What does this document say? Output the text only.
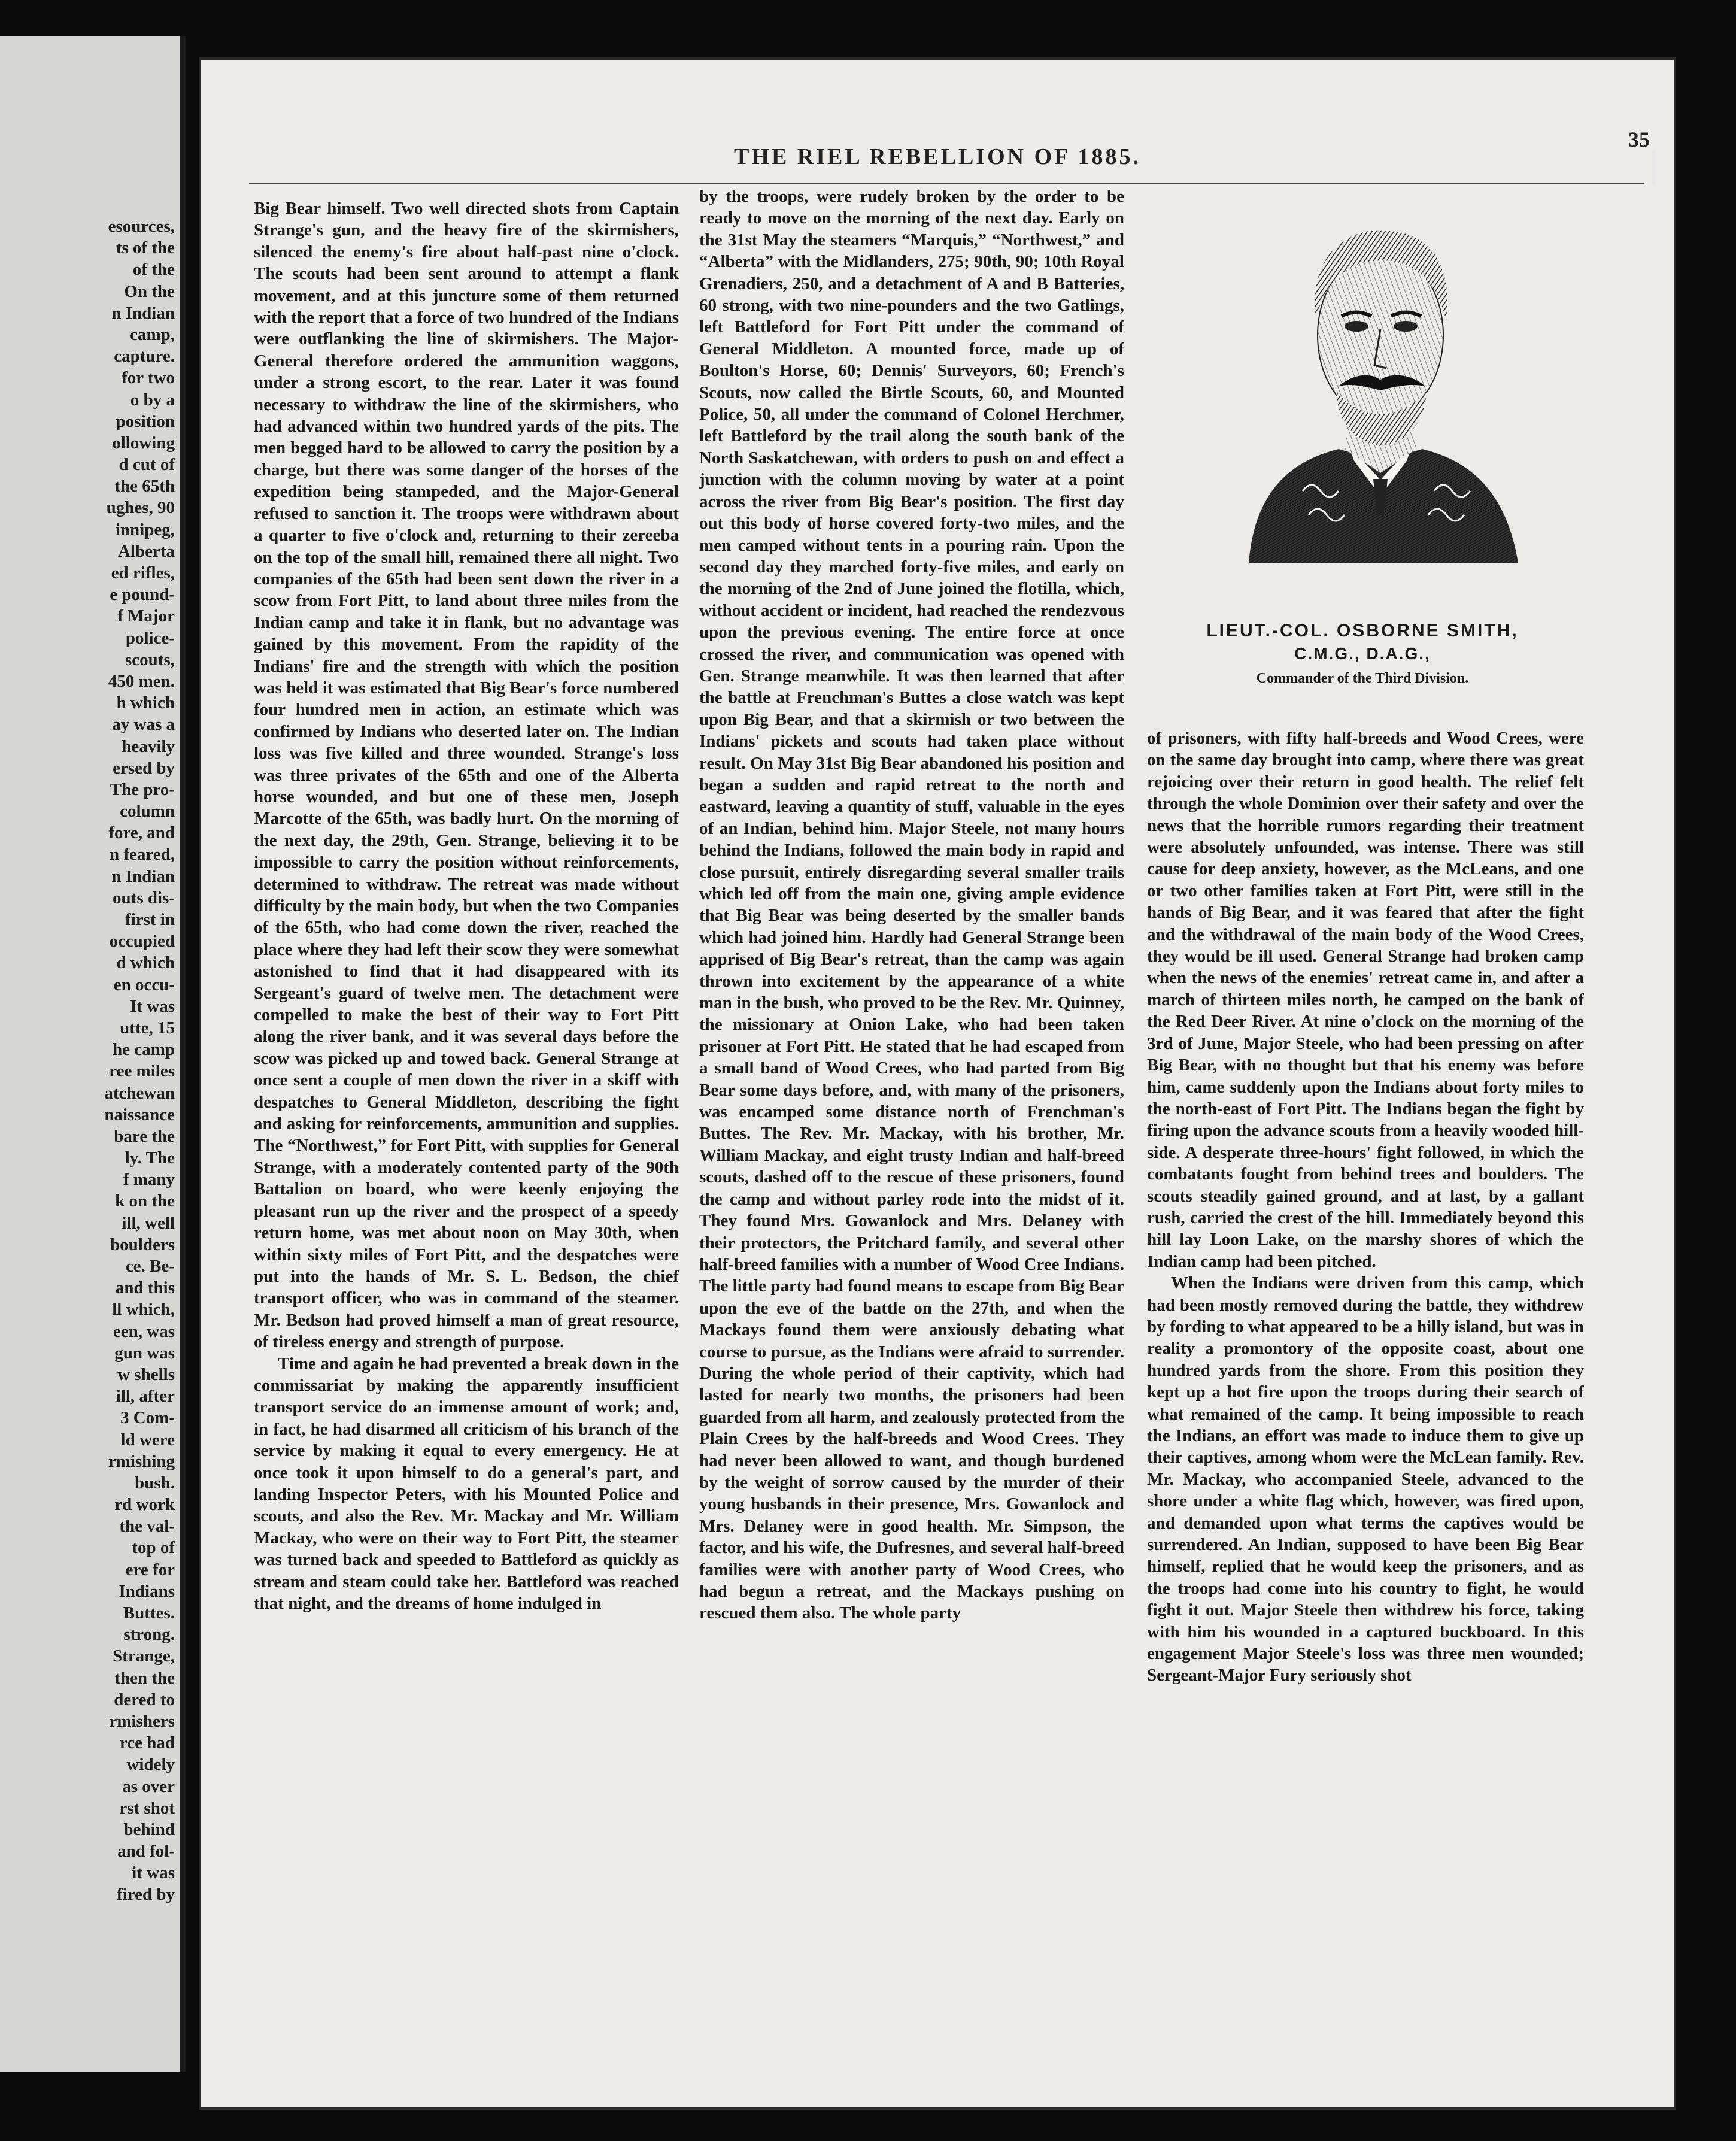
esources,
ts of the
of the
On the
n Indian
camp,
capture.
for two
o by a
position
ollowing
d cut of
the 65th
ughes, 90
innipeg,
Alberta
ed rifles,
e pound-
f Major
police-
scouts,
450 men.
h which
ay was a
heavily
ersed by
The pro-
column
fore, and
n feared,
n Indian
outs dis-
first in
occupied
d which
en occu-
It was
utte, 15
he camp
ree miles
atchewan
naissance
bare the
ly. The
f many
k on the
ill, well
boulders
ce. Be-
and this
ll which,
een, was
gun was
w shells
ill, after
3 Com-
ld were
rmishing
bush.
rd work
the val-
top of
ere for
Indians
Buttes.
strong.
Strange,
then the
dered to
rmishers
rce had
widely
as over
rst shot
behind
and fol-
it was
fired by
THE RIEL REBELLION OF 1885.
35

Big Bear himself. Two well directed shots from Captain Strange's gun, and the heavy fire of the skirmishers, silenced the enemy's fire about half-past nine o'clock. The scouts had been sent around to attempt a flank movement, and at this juncture some of them returned with the report that a force of two hundred of the Indians were outflanking the line of skirmishers. The Major-General therefore ordered the ammunition waggons, under a strong escort, to the rear. Later it was found necessary to withdraw the line of the skirmishers, who had advanced within two hundred yards of the pits. The men begged hard to be allowed to carry the position by a charge, but there was some danger of the horses of the expedition being stampeded, and the Major-General refused to sanction it. The troops were withdrawn about a quarter to five o'clock and, returning to their zereeba on the top of the small hill, remained there all night. Two companies of the 65th had been sent down the river in a scow from Fort Pitt, to land about three miles from the Indian camp and take it in flank, but no advantage was gained by this movement. From the rapidity of the Indians' fire and the strength with which the position was held it was estimated that Big Bear's force numbered four hundred men in action, an estimate which was confirmed by Indians who deserted later on. The Indian loss was five killed and three wounded. Strange's loss was three privates of the 65th and one of the Alberta horse wounded, and but one of these men, Joseph Marcotte of the 65th, was badly hurt. On the morning of the next day, the 29th, Gen. Strange, believing it to be impossible to carry the position without reinforcements, determined to withdraw. The retreat was made without difficulty by the main body, but when the two Companies of the 65th, who had come down the river, reached the place where they had left their scow they were somewhat astonished to find that it had disappeared with its Sergeant's guard of twelve men. The detachment were compelled to make the best of their way to Fort Pitt along the river bank, and it was several days before the scow was picked up and towed back. General Strange at once sent a couple of men down the river in a skiff with despatches to General Middleton, describing the fight and asking for reinforcements, ammunition and supplies. The “Northwest,” for Fort Pitt, with supplies for General Strange, with a moderately contented party of the 90th Battalion on board, who were keenly enjoying the pleasant run up the river and the prospect of a speedy return home, was met about noon on May 30th, when within sixty miles of Fort Pitt, and the despatches were put into the hands of Mr. S. L. Bedson, the chief transport officer, who was in command of the steamer. Mr. Bedson had proved himself a man of great resource, of tireless energy and strength of purpose.

Time and again he had prevented a break down in the commissariat by making the apparently insufficient transport service do an immense amount of work; and, in fact, he had disarmed all criticism of his branch of the service by making it equal to every emergency. He at once took it upon himself to do a general's part, and landing Inspector Peters, with his Mounted Police and scouts, and also the Rev. Mr. Mackay and Mr. William Mackay, who were on their way to Fort Pitt, the steamer was turned back and speeded to Battleford as quickly as stream and steam could take her. Battleford was reached that night, and the dreams of home indulged in

by the troops, were rudely broken by the order to be ready to move on the morning of the next day. Early on the 31st May the steamers “Marquis,” “Northwest,” and “Alberta” with the Midlanders, 275; 90th, 90; 10th Royal Grenadiers, 250, and a detachment of A and B Batteries, 60 strong, with two nine-pounders and the two Gatlings, left Battleford for Fort Pitt under the command of General Middleton. A mounted force, made up of Boulton's Horse, 60; Dennis' Surveyors, 60; French's Scouts, now called the Birtle Scouts, 60, and Mounted Police, 50, all under the command of Colonel Herchmer, left Battleford by the trail along the south bank of the North Saskatchewan, with orders to push on and effect a junction with the column moving by water at a point across the river from Big Bear's position. The first day out this body of horse covered forty-two miles, and the men camped without tents in a pouring rain. Upon the second day they marched forty-five miles, and early on the morning of the 2nd of June joined the flotilla, which, without accident or incident, had reached the rendezvous upon the previous evening. The entire force at once crossed the river, and communication was opened with Gen. Strange meanwhile. It was then learned that after the battle at Frenchman's Buttes a close watch was kept upon Big Bear, and that a skirmish or two between the Indians' pickets and scouts had taken place without result. On May 31st Big Bear abandoned his position and began a sudden and rapid retreat to the north and eastward, leaving a quantity of stuff, valuable in the eyes of an Indian, behind him. Major Steele, not many hours behind the Indians, followed the main body in rapid and close pursuit, entirely disregarding several smaller trails which led off from the main one, giving ample evidence that Big Bear was being deserted by the smaller bands which had joined him. Hardly had General Strange been apprised of Big Bear's retreat, than the camp was again thrown into excitement by the appearance of a white man in the bush, who proved to be the Rev. Mr. Quinney, the missionary at Onion Lake, who had been taken prisoner at Fort Pitt. He stated that he had escaped from a small band of Wood Crees, who had parted from Big Bear some days before, and, with many of the prisoners, was encamped some distance north of Frenchman's Buttes. The Rev. Mr. Mackay, with his brother, Mr. William Mackay, and eight trusty Indian and half-breed scouts, dashed off to the rescue of these prisoners, found the camp and without parley rode into the midst of it. They found Mrs. Gowanlock and Mrs. Delaney with their protectors, the Pritchard family, and several other half-breed families with a number of Wood Cree Indians. The little party had found means to escape from Big Bear upon the eve of the battle on the 27th, and when the Mackays found them were anxiously debating what course to pursue, as the Indians were afraid to surrender. During the whole period of their captivity, which had lasted for nearly two months, the prisoners had been guarded from all harm, and zealously protected from the Plain Crees by the half-breeds and Wood Crees. They had never been allowed to want, and though burdened by the weight of sorrow caused by the murder of their young husbands in their presence, Mrs. Gowanlock and Mrs. Delaney were in good health. Mr. Simpson, the factor, and his wife, the Dufresnes, and several half-breed families were with another party of Wood Crees, who had begun a retreat, and the Mackays pushing on rescued them also. The whole party

LIEUT.-COL. OSBORNE SMITH,
C.M.G., D.A.G.,
Commander of the Third Division.

of prisoners, with fifty half-breeds and Wood Crees, were on the same day brought into camp, where there was great rejoicing over their return in good health. The relief felt through the whole Dominion over their safety and over the news that the horrible rumors regarding their treatment were absolutely unfounded, was intense. There was still cause for deep anxiety, however, as the McLeans, and one or two other families taken at Fort Pitt, were still in the hands of Big Bear, and it was feared that after the fight and the withdrawal of the main body of the Wood Crees, they would be ill used. General Strange had broken camp when the news of the enemies' retreat came in, and after a march of thirteen miles north, he camped on the bank of the Red Deer River. At nine o'clock on the morning of the 3rd of June, Major Steele, who had been pressing on after Big Bear, with no thought but that his enemy was before him, came suddenly upon the Indians about forty miles to the north-east of Fort Pitt. The Indians began the fight by firing upon the advance scouts from a heavily wooded hill-side. A desperate three-hours' fight followed, in which the combatants fought from behind trees and boulders. The scouts steadily gained ground, and at last, by a gallant rush, carried the crest of the hill. Immediately beyond this hill lay Loon Lake, on the marshy shores of which the Indian camp had been pitched.

When the Indians were driven from this camp, which had been mostly removed during the battle, they withdrew by fording to what appeared to be a hilly island, but was in reality a promontory of the opposite coast, about one hundred yards from the shore. From this position they kept up a hot fire upon the troops during their search of what remained of the camp. It being impossible to reach the Indians, an effort was made to induce them to give up their captives, among whom were the McLean family. Rev. Mr. Mackay, who accompanied Steele, advanced to the shore under a white flag which, however, was fired upon, and demanded upon what terms the captives would be surrendered. An Indian, supposed to have been Big Bear himself, replied that he would keep the prisoners, and as the troops had come into his country to fight, he would fight it out. Major Steele then withdrew his force, taking with him his wounded in a captured buckboard. In this engagement Major Steele's loss was three men wounded; Sergeant-Major Fury seriously shot
